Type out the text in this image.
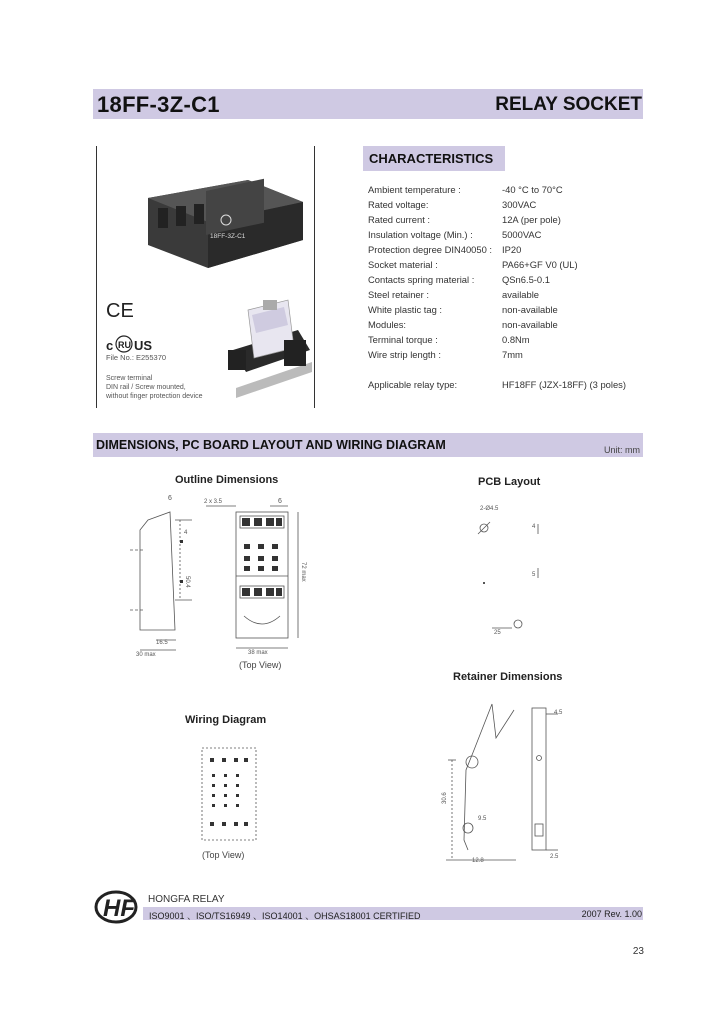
18FF-3Z-C1	RELAY SOCKET
18FF-3Z-C1
CE
c RU US
File No.: E255370
Screw terminal
DIN rail / Screw mounted,
without finger protection device
CHARACTERISTICS
Ambient temperature :	-40 °C to 70°C
Rated voltage:	300VAC
Rated current :	12A (per pole)
Insulation voltage (Min.) :	5000VAC
Protection degree DIN40050 : IP20
Socket material :	PA66+GF V0 (UL)
Contacts spring material :	QSn6.5-0.1
Steel retainer :	available
White plastic tag :	non-available
Modules:	non-available
Terminal torque :	0.8Nm
Wire strip length :	7mm
Applicable relay type:	HF18FF (JZX-18FF) (3 poles)
DIMENSIONS, PC BOARD LAYOUT AND WIRING DIAGRAM	Unit: mm
Outline Dimensions	PCB Layout
Retainer Dimensions
Wiring Diagram
6	2 x 3.5	6
4
50.4
72 max
16.5
30 max	38 max
(Top View)
2-Ø4.5
4
5
25
(Top View)
4.5
30.6
9.5
12.8
2.5
HF HONGFA RELAY
ISO9001 、ISO/TS16949 、ISO14001 、OHSAS18001 CERTIFIED	2007 Rev. 1.00
23
